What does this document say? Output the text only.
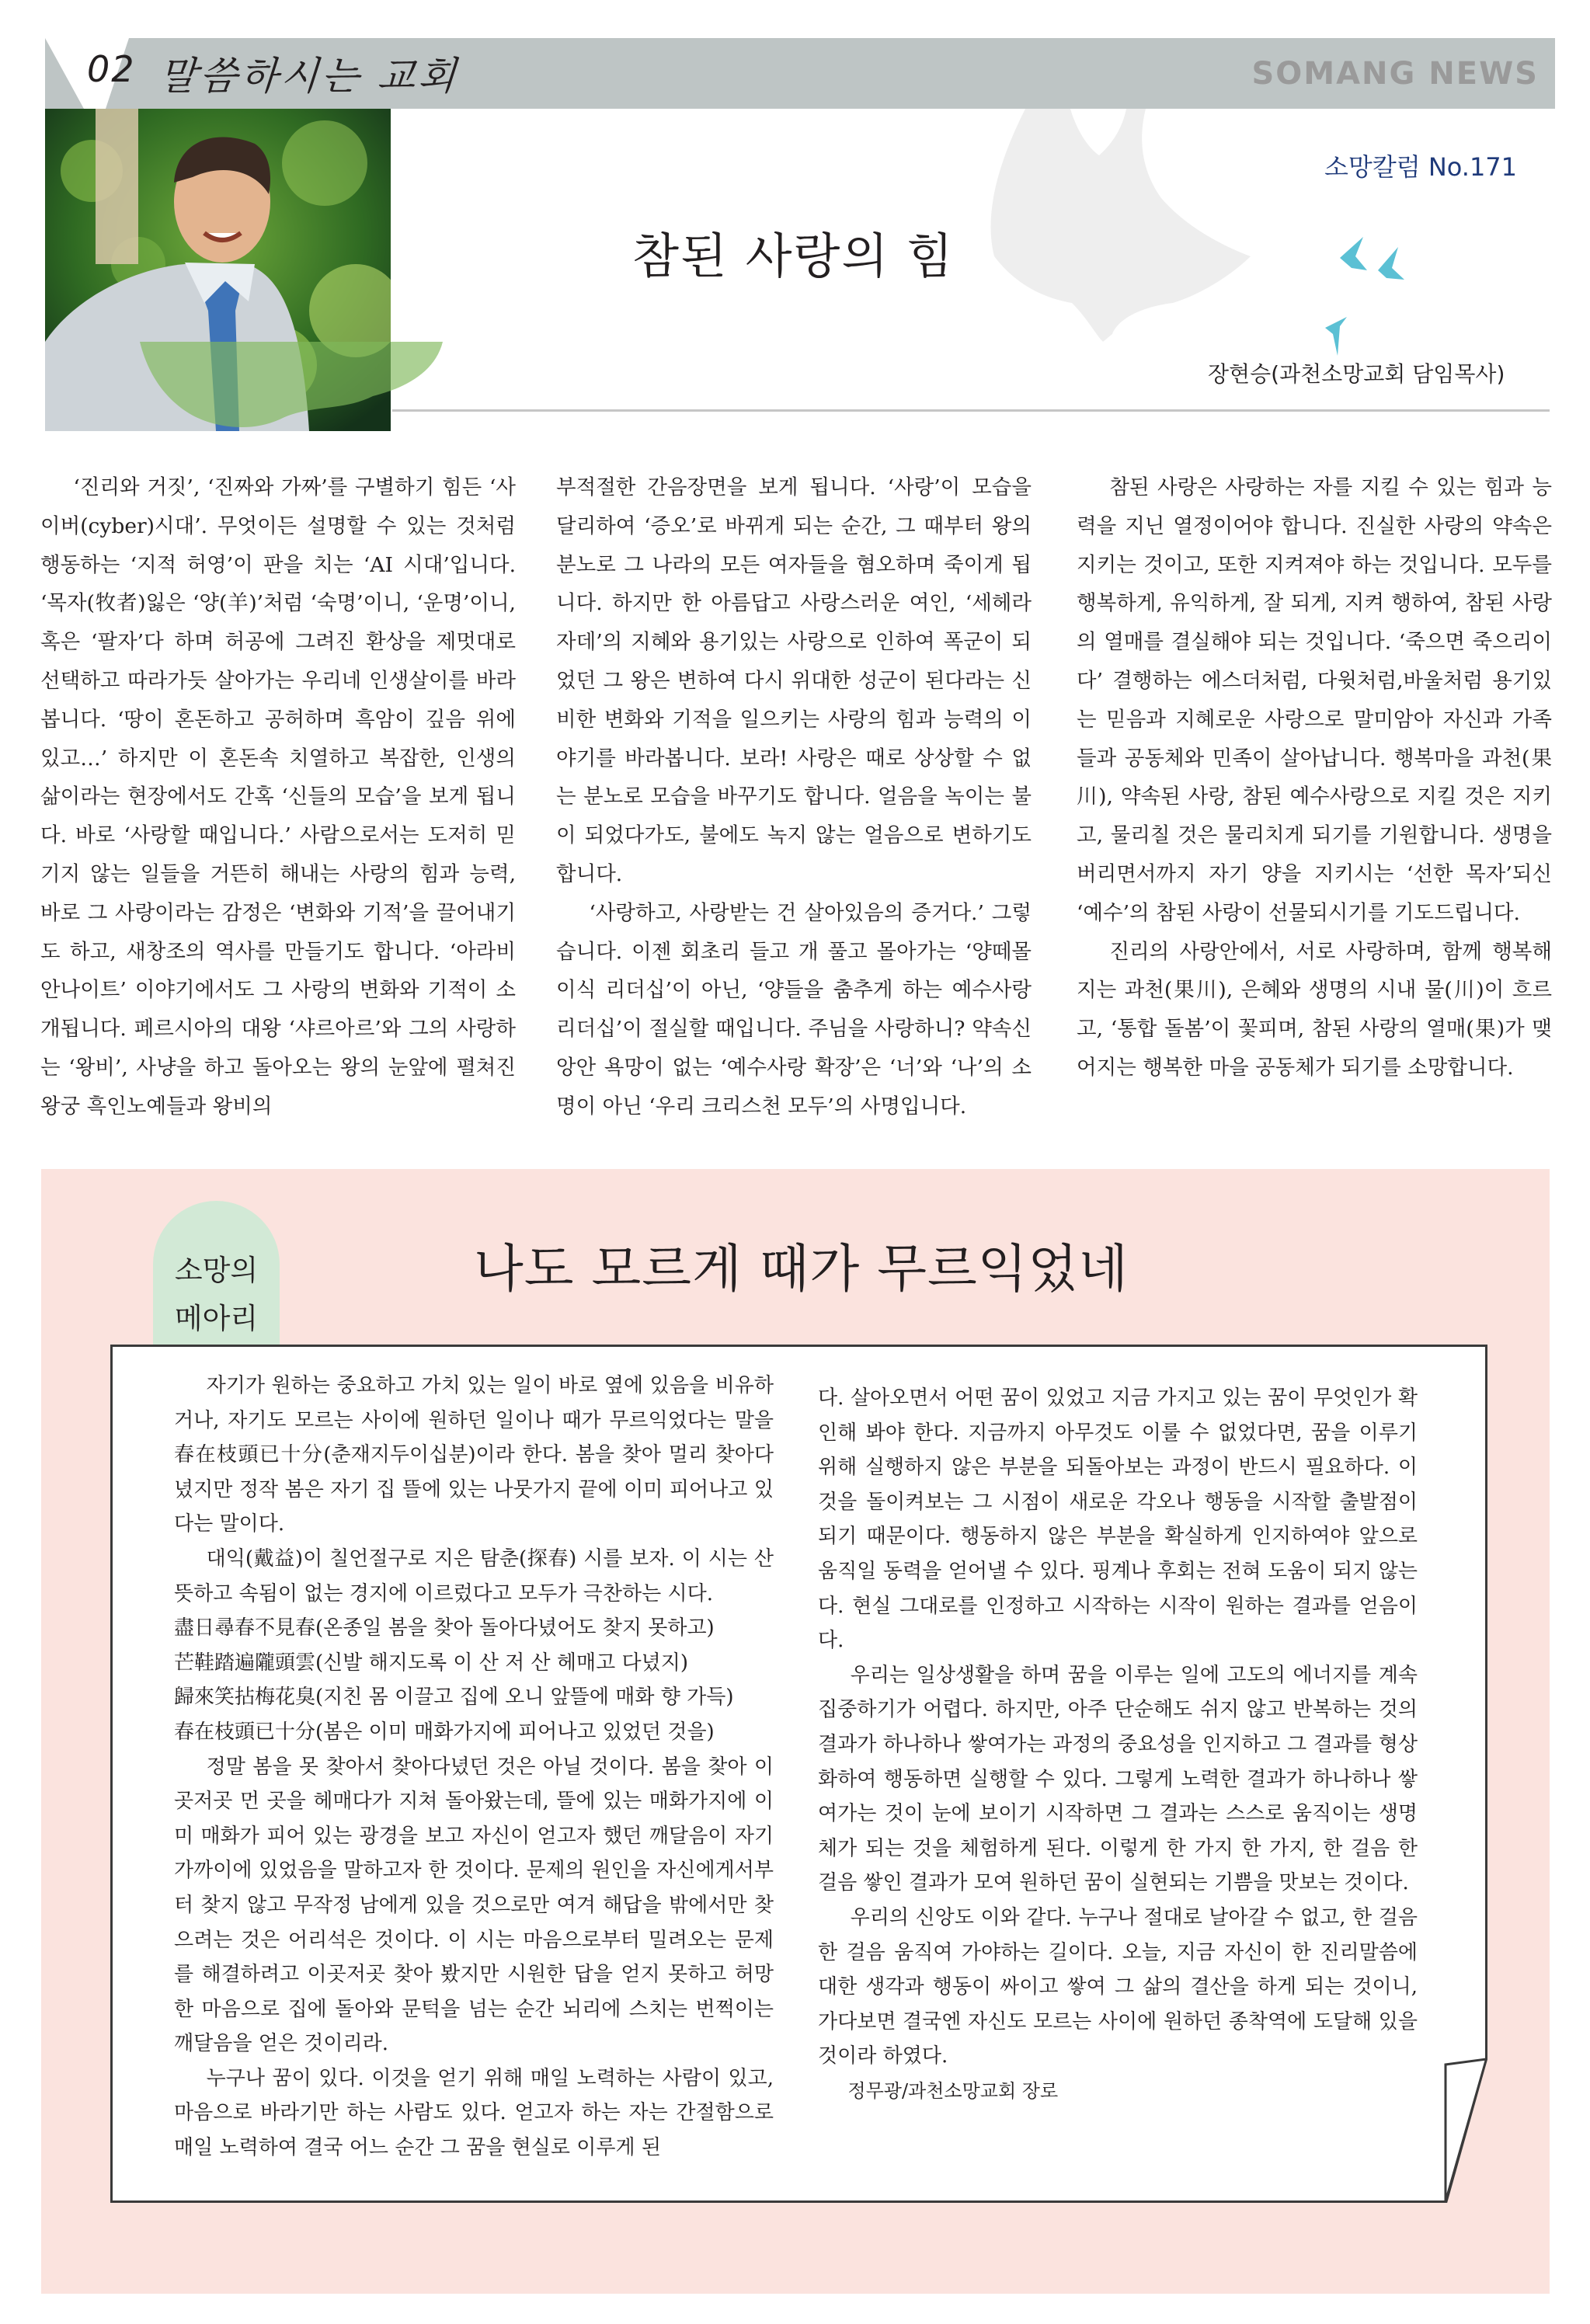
02 말씀하시는 교회	SOMANG NEWS
소망칼럼 No.171
참된 사랑의 힘
장현승(과천소망교회 담임목사)

‘진리와 거짓’, ‘진짜와 가짜’를 구별하기 힘든 ‘사이버(cyber)시대’. 무엇이든 설명할 수 있는 것처럼 행동하는 ‘지적 허영’이 판을 치는 ‘AI 시대’입니다. ‘목자(牧者)잃은 ‘양(羊)’처럼 ‘숙명’이니, ‘운명’이니, 혹은 ‘팔자’다 하며 허공에 그려진 환상을 제멋대로 선택하고 따라가듯 살아가는 우리네 인생살이를 바라봅니다. ‘땅이 혼돈하고 공허하며 흑암이 깊음 위에 있고…’ 하지만 이 혼돈속 치열하고 복잡한, 인생의 삶이라는 현장에서도 간혹 ‘신들의 모습’을 보게 됩니다. 바로 ‘사랑할 때입니다.’ 사람으로서는 도저히 믿기지 않는 일들을 거뜬히 해내는 사랑의 힘과 능력, 바로 그 사랑이라는 감정은 ‘변화와 기적’을 끌어내기도 하고, 새창조의 역사를 만들기도 합니다. ‘아라비안나이트’ 이야기에서도 그 사랑의 변화와 기적이 소개됩니다. 페르시아의 대왕 ‘샤르아르’와 그의 사랑하는 ‘왕비’, 사냥을 하고 돌아오는 왕의 눈앞에 펼쳐진 왕궁 흑인노예들과 왕비의

부적절한 간음장면을 보게 됩니다. ‘사랑’이 모습을 달리하여 ‘증오’로 바뀌게 되는 순간, 그 때부터 왕의 분노로 그 나라의 모든 여자들을 혐오하며 죽이게 됩니다. 하지만 한 아름답고 사랑스러운 여인, ‘세헤라자데’의 지혜와 용기있는 사랑으로 인하여 폭군이 되었던 그 왕은 변하여 다시 위대한 성군이 된다라는 신비한 변화와 기적을 일으키는 사랑의 힘과 능력의 이야기를 바라봅니다. 보라! 사랑은 때로 상상할 수 없는 분노로 모습을 바꾸기도 합니다. 얼음을 녹이는 불이 되었다가도, 불에도 녹지 않는 얼음으로 변하기도 합니다.

‘사랑하고, 사랑받는 건 살아있음의 증거다.’ 그렇습니다. 이젠 회초리 들고 개 풀고 몰아가는 ‘양떼몰이식 리더십’이 아닌, ‘양들을 춤추게 하는 예수사랑 리더십’이 절실할 때입니다. 주님을 사랑하니? 약속신앙안 욕망이 없는 ‘예수사랑 확장’은 ‘너’와 ‘나’의 소명이 아닌 ‘우리 크리스천 모두’의 사명입니다.

참된 사랑은 사랑하는 자를 지킬 수 있는 힘과 능력을 지닌 열정이어야 합니다. 진실한 사랑의 약속은 지키는 것이고, 또한 지켜져야 하는 것입니다. 모두를 행복하게, 유익하게, 잘 되게, 지켜 행하여, 참된 사랑의 열매를 결실해야 되는 것입니다. ‘죽으면 죽으리이다’ 결행하는 에스더처럼, 다윗처럼,바울처럼 용기있는 믿음과 지혜로운 사랑으로 말미암아 자신과 가족들과 공동체와 민족이 살아납니다. 행복마을 과천(果川), 약속된 사랑, 참된 예수사랑으로 지킬 것은 지키고, 물리칠 것은 물리치게 되기를 기원합니다. 생명을 버리면서까지 자기 양을 지키시는 ‘선한 목자’되신 ‘예수’의 참된 사랑이 선물되시기를 기도드립니다.

진리의 사랑안에서, 서로 사랑하며, 함께 행복해지는 과천(果川), 은혜와 생명의 시내 물(川)이 흐르고, ‘통합 돌봄’이 꽃피며, 참된 사랑의 열매(果)가 맺어지는 행복한 마을 공동체가 되기를 소망합니다.

소망의
메아리
나도 모르게 때가 무르익었네

자기가 원하는 중요하고 가치 있는 일이 바로 옆에 있음을 비유하거나, 자기도 모르는 사이에 원하던 일이나 때가 무르익었다는 말을 春在枝頭已十分(춘재지두이십분)이라 한다. 봄을 찾아 멀리 찾아다녔지만 정작 봄은 자기 집 뜰에 있는 나뭇가지 끝에 이미 피어나고 있다는 말이다.

대익(戴益)이 칠언절구로 지은 탐춘(探春) 시를 보자. 이 시는 산뜻하고 속됨이 없는 경지에 이르렀다고 모두가 극찬하는 시다.

盡日尋春不見春(온종일 봄을 찾아 돌아다녔어도 찾지 못하고)

芒鞋踏遍隴頭雲(신발 해지도록 이 산 저 산 헤매고 다녔지)

歸來笑拈梅花臭(지친 몸 이끌고 집에 오니 앞뜰에 매화 향 가득)

春在枝頭已十分(봄은 이미 매화가지에 피어나고 있었던 것을)

정말 봄을 못 찾아서 찾아다녔던 것은 아닐 것이다. 봄을 찾아 이곳저곳 먼 곳을 헤매다가 지쳐 돌아왔는데, 뜰에 있는 매화가지에 이미 매화가 피어 있는 광경을 보고 자신이 얻고자 했던 깨달음이 자기 가까이에 있었음을 말하고자 한 것이다. 문제의 원인을 자신에게서부터 찾지 않고 무작정 남에게 있을 것으로만 여겨 해답을 밖에서만 찾으려는 것은 어리석은 것이다. 이 시는 마음으로부터 밀려오는 문제를 해결하려고 이곳저곳 찾아 봤지만 시원한 답을 얻지 못하고 허망한 마음으로 집에 돌아와 문턱을 넘는 순간 뇌리에 스치는 번쩍이는 깨달음을 얻은 것이리라.

누구나 꿈이 있다. 이것을 얻기 위해 매일 노력하는 사람이 있고, 마음으로 바라기만 하는 사람도 있다. 얻고자 하는 자는 간절함으로 매일 노력하여 결국 어느 순간 그 꿈을 현실로 이루게 된

다. 살아오면서 어떤 꿈이 있었고 지금 가지고 있는 꿈이 무엇인가 확인해 봐야 한다. 지금까지 아무것도 이룰 수 없었다면, 꿈을 이루기 위해 실행하지 않은 부분을 되돌아보는 과정이 반드시 필요하다. 이것을 돌이켜보는 그 시점이 새로운 각오나 행동을 시작할 출발점이 되기 때문이다. 행동하지 않은 부분을 확실하게 인지하여야 앞으로 움직일 동력을 얻어낼 수 있다. 핑계나 후회는 전혀 도움이 되지 않는다. 현실 그대로를 인정하고 시작하는 시작이 원하는 결과를 얻음이다.

우리는 일상생활을 하며 꿈을 이루는 일에 고도의 에너지를 계속 집중하기가 어렵다. 하지만, 아주 단순해도 쉬지 않고 반복하는 것의 결과가 하나하나 쌓여가는 과정의 중요성을 인지하고 그 결과를 형상화하여 행동하면 실행할 수 있다. 그렇게 노력한 결과가 하나하나 쌓여가는 것이 눈에 보이기 시작하면 그 결과는 스스로 움직이는 생명체가 되는 것을 체험하게 된다. 이렇게 한 가지 한 가지, 한 걸음 한 걸음 쌓인 결과가 모여 원하던 꿈이 실현되는 기쁨을 맛보는 것이다.

우리의 신앙도 이와 같다. 누구나 절대로 날아갈 수 없고, 한 걸음 한 걸음 움직여 가야하는 길이다. 오늘, 지금 자신이 한 진리말씀에 대한 생각과 행동이 싸이고 쌓여 그 삶의 결산을 하게 되는 것이니, 가다보면 결국엔 자신도 모르는 사이에 원하던 종착역에 도달해 있을 것이라 하였다.

정무광/과천소망교회 장로
